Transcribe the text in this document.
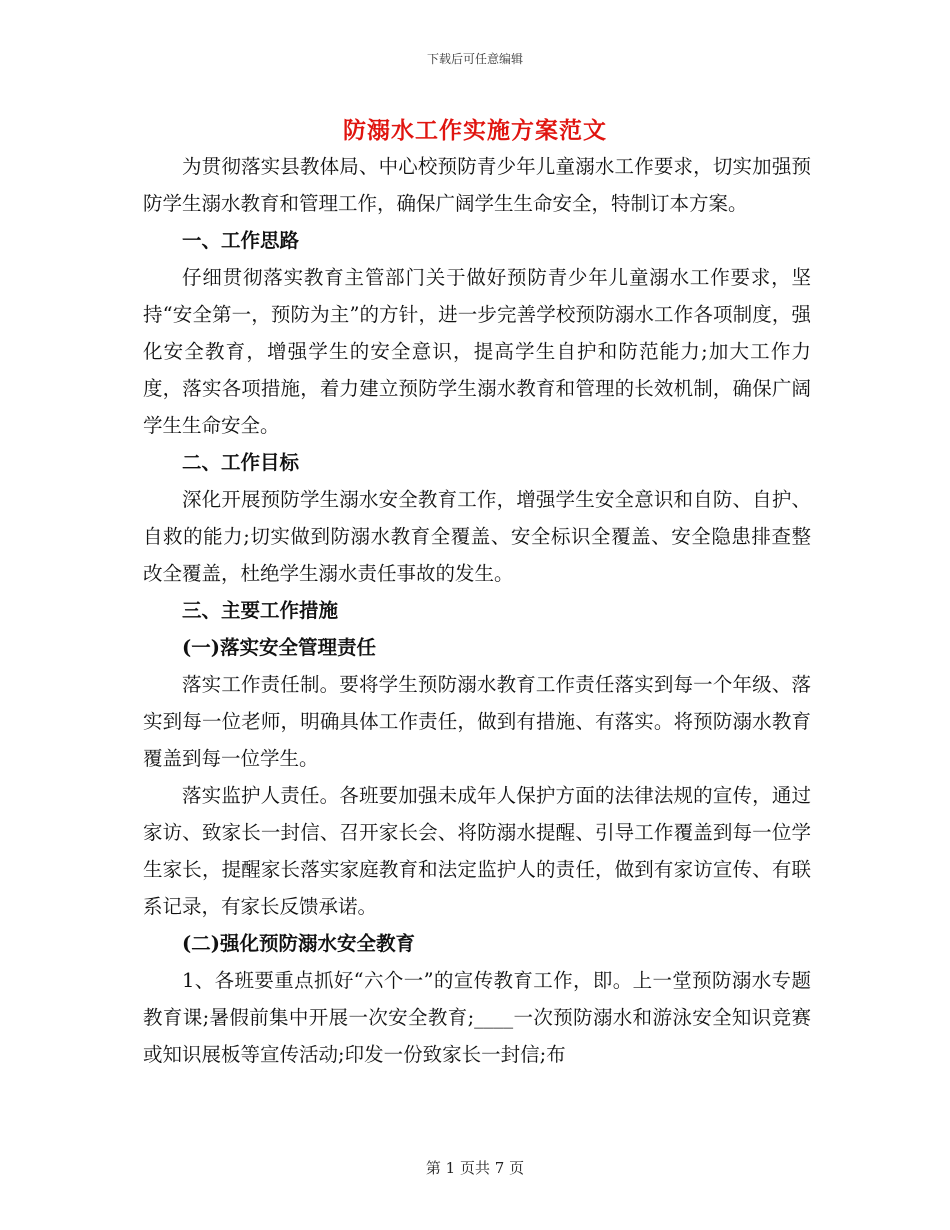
下载后可任意编辑
防溺水工作实施方案范文

为贯彻落实县教体局、中心校预防青少年儿童溺水工作要求，切实加强预防学生溺水教育和管理工作，确保广阔学生生命安全，特制订本方案。

一、工作思路

仔细贯彻落实教育主管部门关于做好预防青少年儿童溺水工作要求，坚持“安全第一，预防为主”的方针，进一步完善学校预防溺水工作各项制度，强化安全教育，增强学生的安全意识，提高学生自护和防范能力;加大工作力度，落实各项措施，着力建立预防学生溺水教育和管理的长效机制，确保广阔学生生命安全。

二、工作目标

深化开展预防学生溺水安全教育工作，增强学生安全意识和自防、自护、自救的能力;切实做到防溺水教育全覆盖、安全标识全覆盖、安全隐患排查整改全覆盖，杜绝学生溺水责任事故的发生。

三、主要工作措施

(一)落实安全管理责任

落实工作责任制。要将学生预防溺水教育工作责任落实到每一个年级、落实到每一位老师，明确具体工作责任，做到有措施、有落实。将预防溺水教育覆盖到每一位学生。

落实监护人责任。各班要加强未成年人保护方面的法律法规的宣传，通过家访、致家长一封信、召开家长会、将防溺水提醒、引导工作覆盖到每一位学生家长，提醒家长落实家庭教育和法定监护人的责任，做到有家访宣传、有联系记录，有家长反馈承诺。

(二)强化预防溺水安全教育

1、各班要重点抓好“六个一”的宣传教育工作，即。上一堂预防溺水专题教育课;暑假前集中开展一次安全教育;____一次预防溺水和游泳安全知识竞赛或知识展板等宣传活动;印发一份致家长一封信;布

第 1 页共 7 页
